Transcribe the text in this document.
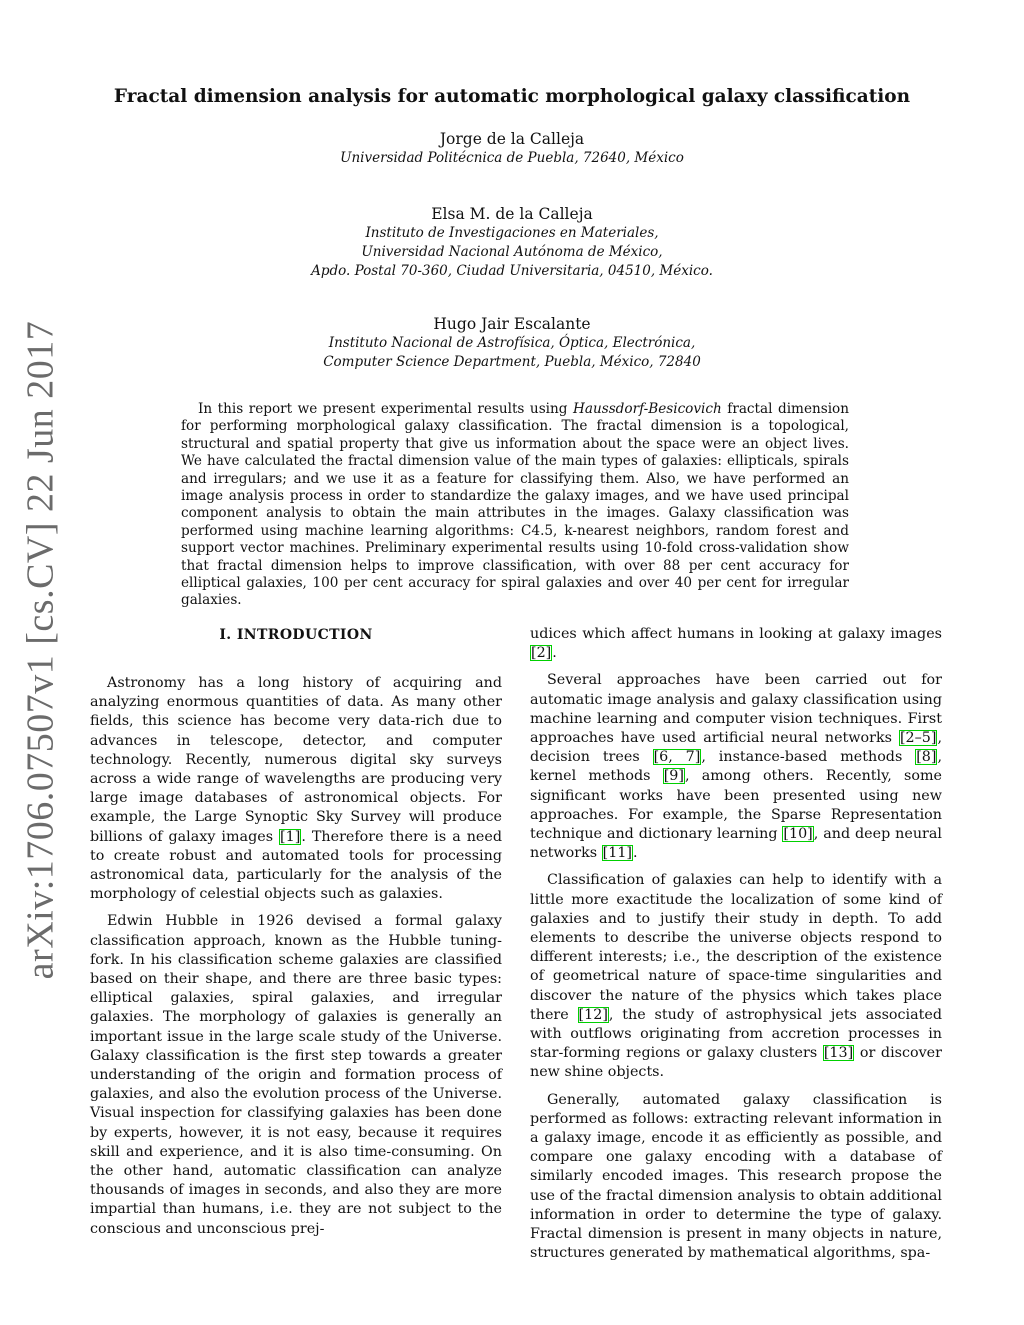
arXiv:1706.07507v1 [cs.CV] 22 Jun 2017
Fractal dimension analysis for automatic morphological galaxy classification
Jorge de la Calleja
Universidad Politécnica de Puebla, 72640, México
Elsa M. de la Calleja
Instituto de Investigaciones en Materiales,
Universidad Nacional Autónoma de México,
Apdo. Postal 70-360, Ciudad Universitaria, 04510, México.
Hugo Jair Escalante
Instituto Nacional de Astrofísica, Óptica, Electrónica,
Computer Science Department, Puebla, México, 72840

In this report we present experimental results using Haussdorf-Besicovich fractal dimension for performing morphological galaxy classification. The fractal dimension is a topological, structural and spatial property that give us information about the space were an object lives. We have calculated the fractal dimension value of the main types of galaxies: ellipticals, spirals and irregulars; and we use it as a feature for classifying them. Also, we have performed an image analysis process in order to standardize the galaxy images, and we have used principal component analysis to obtain the main attributes in the images. Galaxy classification was performed using machine learning algorithms: C4.5, k-nearest neighbors, random forest and support vector machines. Preliminary experimental results using 10-fold cross-validation show that fractal dimension helps to improve classification, with over 88 per cent accuracy for elliptical galaxies, 100 per cent accuracy for spiral galaxies and over 40 per cent for irregular galaxies.

I. INTRODUCTION

Astronomy has a long history of acquiring and analyzing enormous quantities of data. As many other fields, this science has become very data-rich due to advances in telescope, detector, and computer technology. Recently, numerous digital sky surveys across a wide range of wavelengths are producing very large image databases of astronomical objects. For example, the Large Synoptic Sky Survey will produce billions of galaxy images [1]. Therefore there is a need to create robust and automated tools for processing astronomical data, particularly for the analysis of the morphology of celestial objects such as galaxies.

Edwin Hubble in 1926 devised a formal galaxy classification approach, known as the Hubble tuning-fork. In his classification scheme galaxies are classified based on their shape, and there are three basic types: elliptical galaxies, spiral galaxies, and irregular galaxies. The morphology of galaxies is generally an important issue in the large scale study of the Universe. Galaxy classification is the first step towards a greater understanding of the origin and formation process of galaxies, and also the evolution process of the Universe. Visual inspection for classifying galaxies has been done by experts, however, it is not easy, because it requires skill and experience, and it is also time-consuming. On the other hand, automatic classification can analyze thousands of images in seconds, and also they are more impartial than humans, i.e. they are not subject to the conscious and unconscious prej-

udices which affect humans in looking at galaxy images [2].

Several approaches have been carried out for automatic image analysis and galaxy classification using machine learning and computer vision techniques. First approaches have used artificial neural networks [2–5], decision trees [6, 7], instance-based methods [8], kernel methods [9], among others. Recently, some significant works have been presented using new approaches. For example, the Sparse Representation technique and dictionary learning [10], and deep neural networks [11].

Classification of galaxies can help to identify with a little more exactitude the localization of some kind of galaxies and to justify their study in depth. To add elements to describe the universe objects respond to different interests; i.e., the description of the existence of geometrical nature of space-time singularities and discover the nature of the physics which takes place there [12], the study of astrophysical jets associated with outflows originating from accretion processes in star-forming regions or galaxy clusters [13] or discover new shine objects.

Generally, automated galaxy classification is performed as follows: extracting relevant information in a galaxy image, encode it as efficiently as possible, and compare one galaxy encoding with a database of similarly encoded images. This research propose the use of the fractal dimension analysis to obtain additional information in order to determine the type of galaxy. Fractal dimension is present in many objects in nature, structures generated by mathematical algorithms, spa-
